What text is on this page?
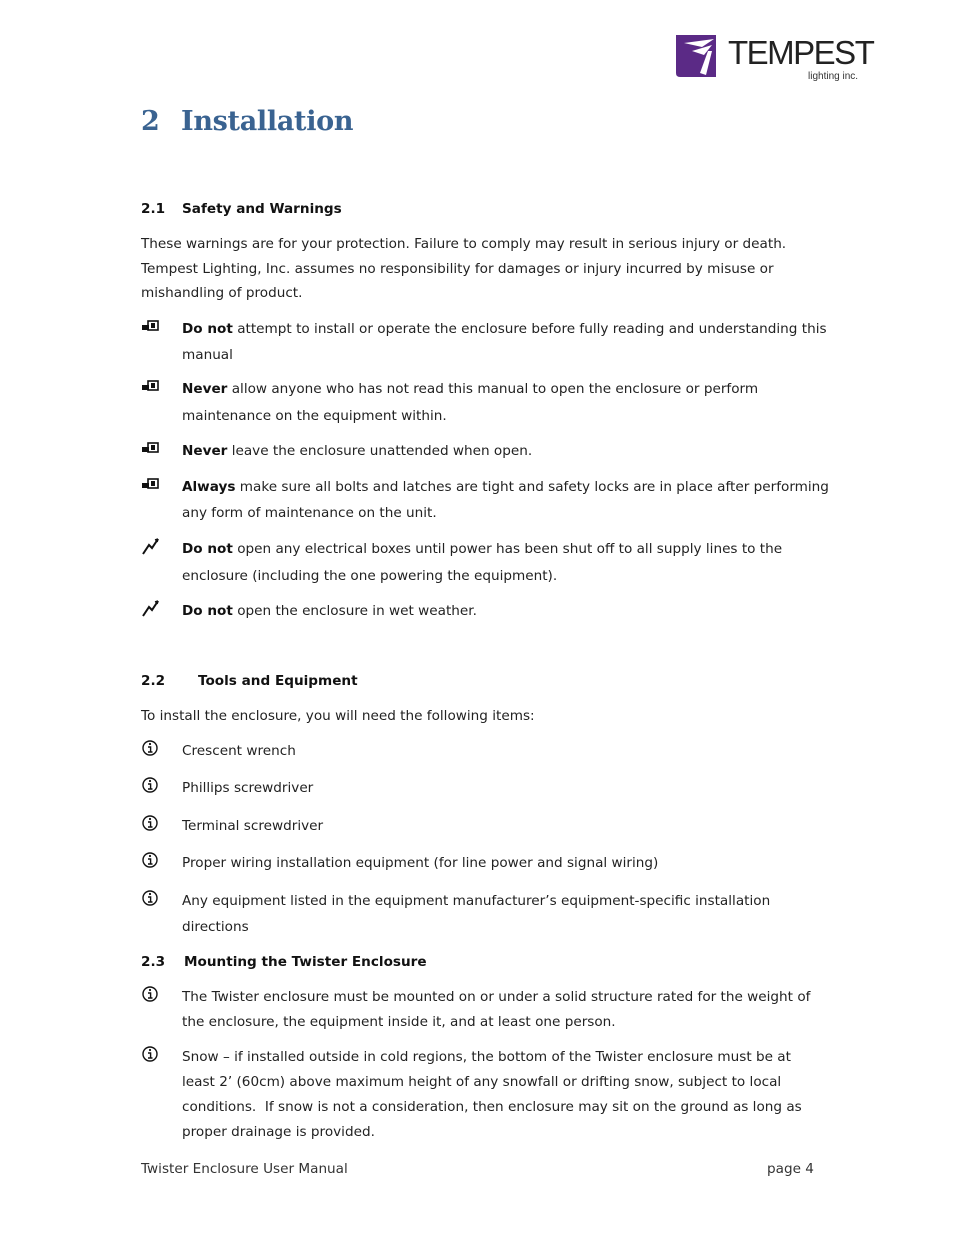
TEMPEST
lighting inc.
2 Installation
2.1 Safety and Warnings
These warnings are for your protection. Failure to comply may result in serious injury or death.
Tempest Lighting, Inc. assumes no responsibility for damages or injury incurred by misuse or
mishandling of product.
Do not attempt to install or operate the enclosure before fully reading and understanding this
manual
Never allow anyone who has not read this manual to open the enclosure or perform
maintenance on the equipment within.
Never leave the enclosure unattended when open.
Always make sure all bolts and latches are tight and safety locks are in place after performing
any form of maintenance on the unit.
Do not open any electrical boxes until power has been shut off to all supply lines to the
enclosure (including the one powering the equipment).
Do not open the enclosure in wet weather.
2.2 Tools and Equipment
To install the enclosure, you will need the following items:
Crescent wrench
Phillips screwdriver
Terminal screwdriver
Proper wiring installation equipment (for line power and signal wiring)
Any equipment listed in the equipment manufacturer’s equipment-specific installation
directions
2.3 Mounting the Twister Enclosure
The Twister enclosure must be mounted on or under a solid structure rated for the weight of
the enclosure, the equipment inside it, and at least one person.
Snow – if installed outside in cold regions, the bottom of the Twister enclosure must be at
least 2’ (60cm) above maximum height of any snowfall or drifting snow, subject to local
conditions.  If snow is not a consideration, then enclosure may sit on the ground as long as
proper drainage is provided.
Twister Enclosure User Manual	page 4
